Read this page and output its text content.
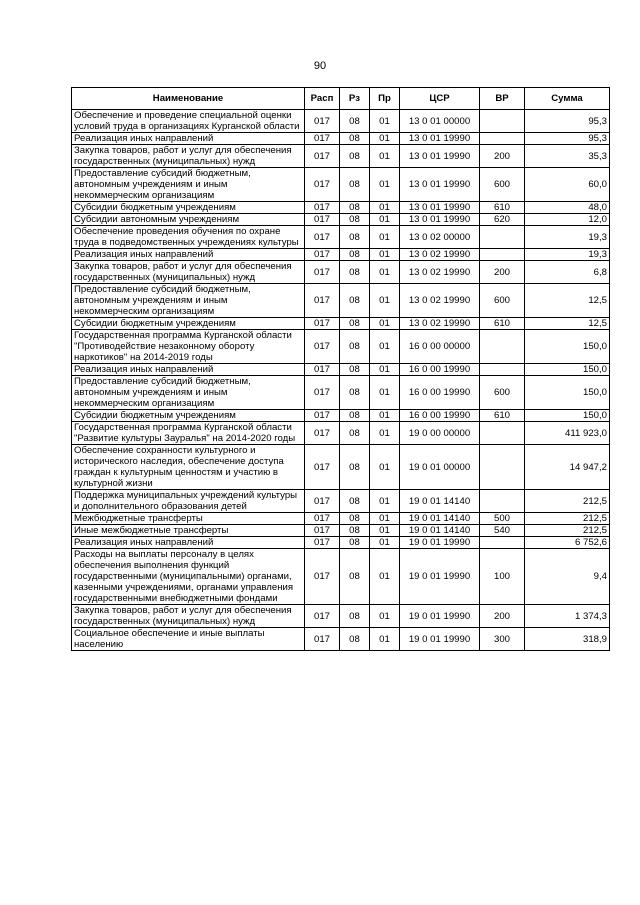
90
Наименование	Расп	Рз	Пр	ЦСР	ВР	Сумма
Обеспечение и проведение специальной оценки условий труда в организациях Курганской области	017	08	01	13 0 01 00000		95,3
Реализация иных направлений	017	08	01	13 0 01 19990		95,3
Закупка товаров, работ и услуг для обеспечения государственных (муниципальных) нужд	017	08	01	13 0 01 19990	200	35,3
Предоставление субсидий бюджетным, автономным учреждениям и иным некоммерческим организациям	017	08	01	13 0 01 19990	600	60,0
Субсидии бюджетным учреждениям	017	08	01	13 0 01 19990	610	48,0
Субсидии автономным учреждениям	017	08	01	13 0 01 19990	620	12,0
Обеспечение проведения обучения по охране труда в подведомственных учреждениях культуры	017	08	01	13 0 02 00000		19,3
Реализация иных направлений	017	08	01	13 0 02 19990		19,3
Закупка товаров, работ и услуг для обеспечения государственных (муниципальных) нужд	017	08	01	13 0 02 19990	200	6,8
Предоставление субсидий бюджетным, автономным учреждениям и иным некоммерческим организациям	017	08	01	13 0 02 19990	600	12,5
Субсидии бюджетным учреждениям	017	08	01	13 0 02 19990	610	12,5
Государственная программа Курганской области "Противодействие незаконному обороту наркотиков" на 2014-2019 годы	017	08	01	16 0 00 00000		150,0
Реализация иных направлений	017	08	01	16 0 00 19990		150,0
Предоставление субсидий бюджетным, автономным учреждениям и иным некоммерческим организациям	017	08	01	16 0 00 19990	600	150,0
Субсидии бюджетным учреждениям	017	08	01	16 0 00 19990	610	150,0
Государственная программа Курганской области "Развитие культуры Зауралья" на 2014-2020 годы	017	08	01	19 0 00 00000		411 923,0
Обеспечение сохранности культурного и исторического наследия, обеспечение доступа граждан к культурным ценностям и участию в культурной жизни	017	08	01	19 0 01 00000		14 947,2
Поддержка муниципальных учреждений культуры и дополнительного образования детей	017	08	01	19 0 01 14140		212,5
Межбюджетные трансферты	017	08	01	19 0 01 14140	500	212,5
Иные межбюджетные трансферты	017	08	01	19 0 01 14140	540	212,5
Реализация иных направлений	017	08	01	19 0 01 19990		6 752,6
Расходы на выплаты персоналу в целях обеспечения выполнения функций государственными (муниципальными) органами, казенными учреждениями, органами управления государственными внебюджетными фондами	017	08	01	19 0 01 19990	100	9,4
Закупка товаров, работ и услуг для обеспечения государственных (муниципальных) нужд	017	08	01	19 0 01 19990	200	1 374,3
Социальное обеспечение и иные выплаты населению	017	08	01	19 0 01 19990	300	318,9
